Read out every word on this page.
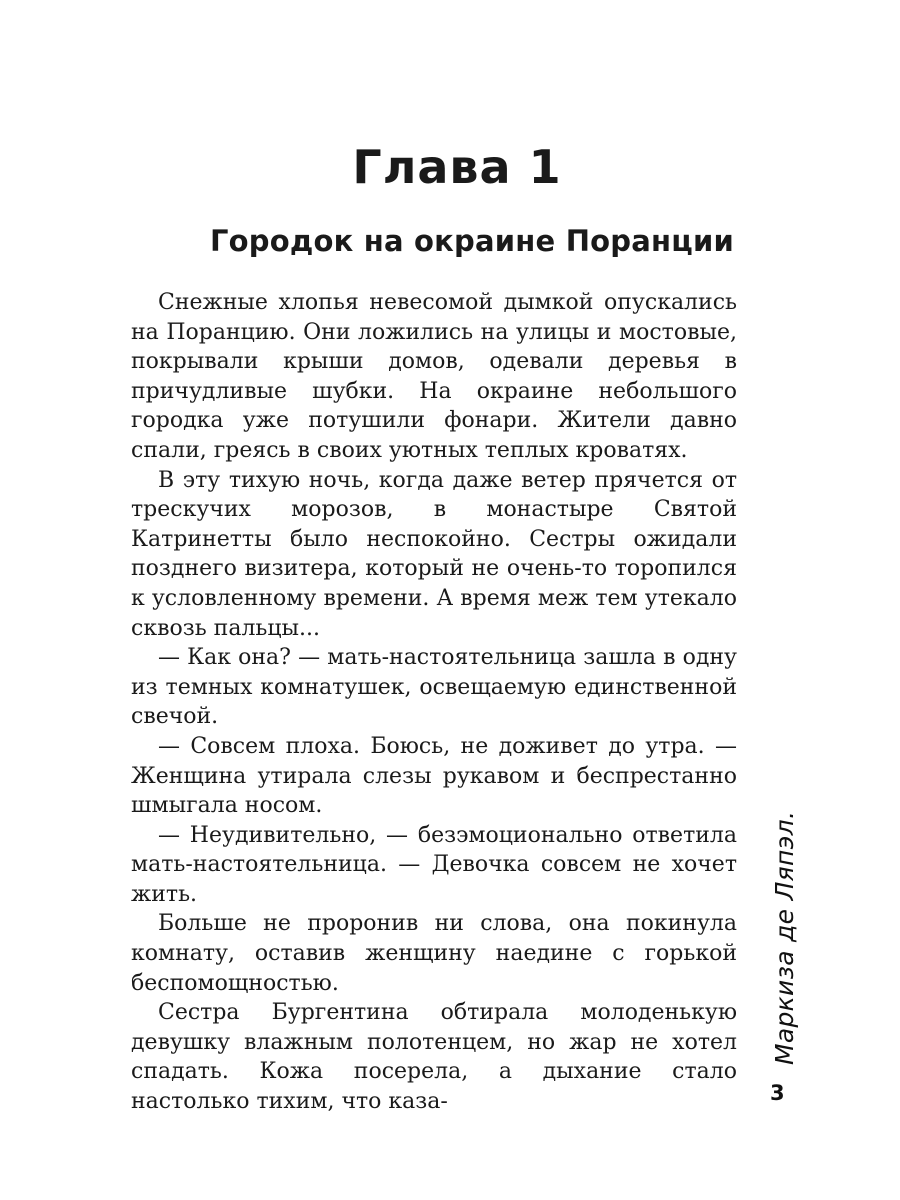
Глава 1
Городок на окраине Поранции

Снежные хлопья невесомой дымкой опускались на Поранцию. Они ложились на улицы и мостовые, покрывали крыши домов, одевали деревья в причудливые шубки. На окраине небольшого городка уже потушили фонари. Жители давно спали, греясь в своих уютных теплых кроватях.

В эту тихую ночь, когда даже ветер прячется от трескучих морозов, в монастыре Святой Катринетты было неспокойно. Сестры ожидали позднего визитера, который не очень-то торопился к условленному времени. А время меж тем утекало сквозь пальцы...

— Как она? — мать-настоятельница зашла в одну из темных комнатушек, освещаемую единственной свечой.

— Совсем плоха. Боюсь, не доживет до утра. — Женщина утирала слезы рукавом и беспрестанно шмыгала носом.

— Неудивительно, — безэмоционально ответила мать-настоятельница. — Девочка совсем не хочет жить.

Больше не проронив ни слова, она покинула комнату, оставив женщину наедине с горькой беспомощностью.

Сестра Бургентина обтирала молоденькую девушку влажным полотенцем, но жар не хотел спадать. Кожа посерела, а дыхание стало настолько тихим, что каза-

Маркиза де Ляпэл.
3
